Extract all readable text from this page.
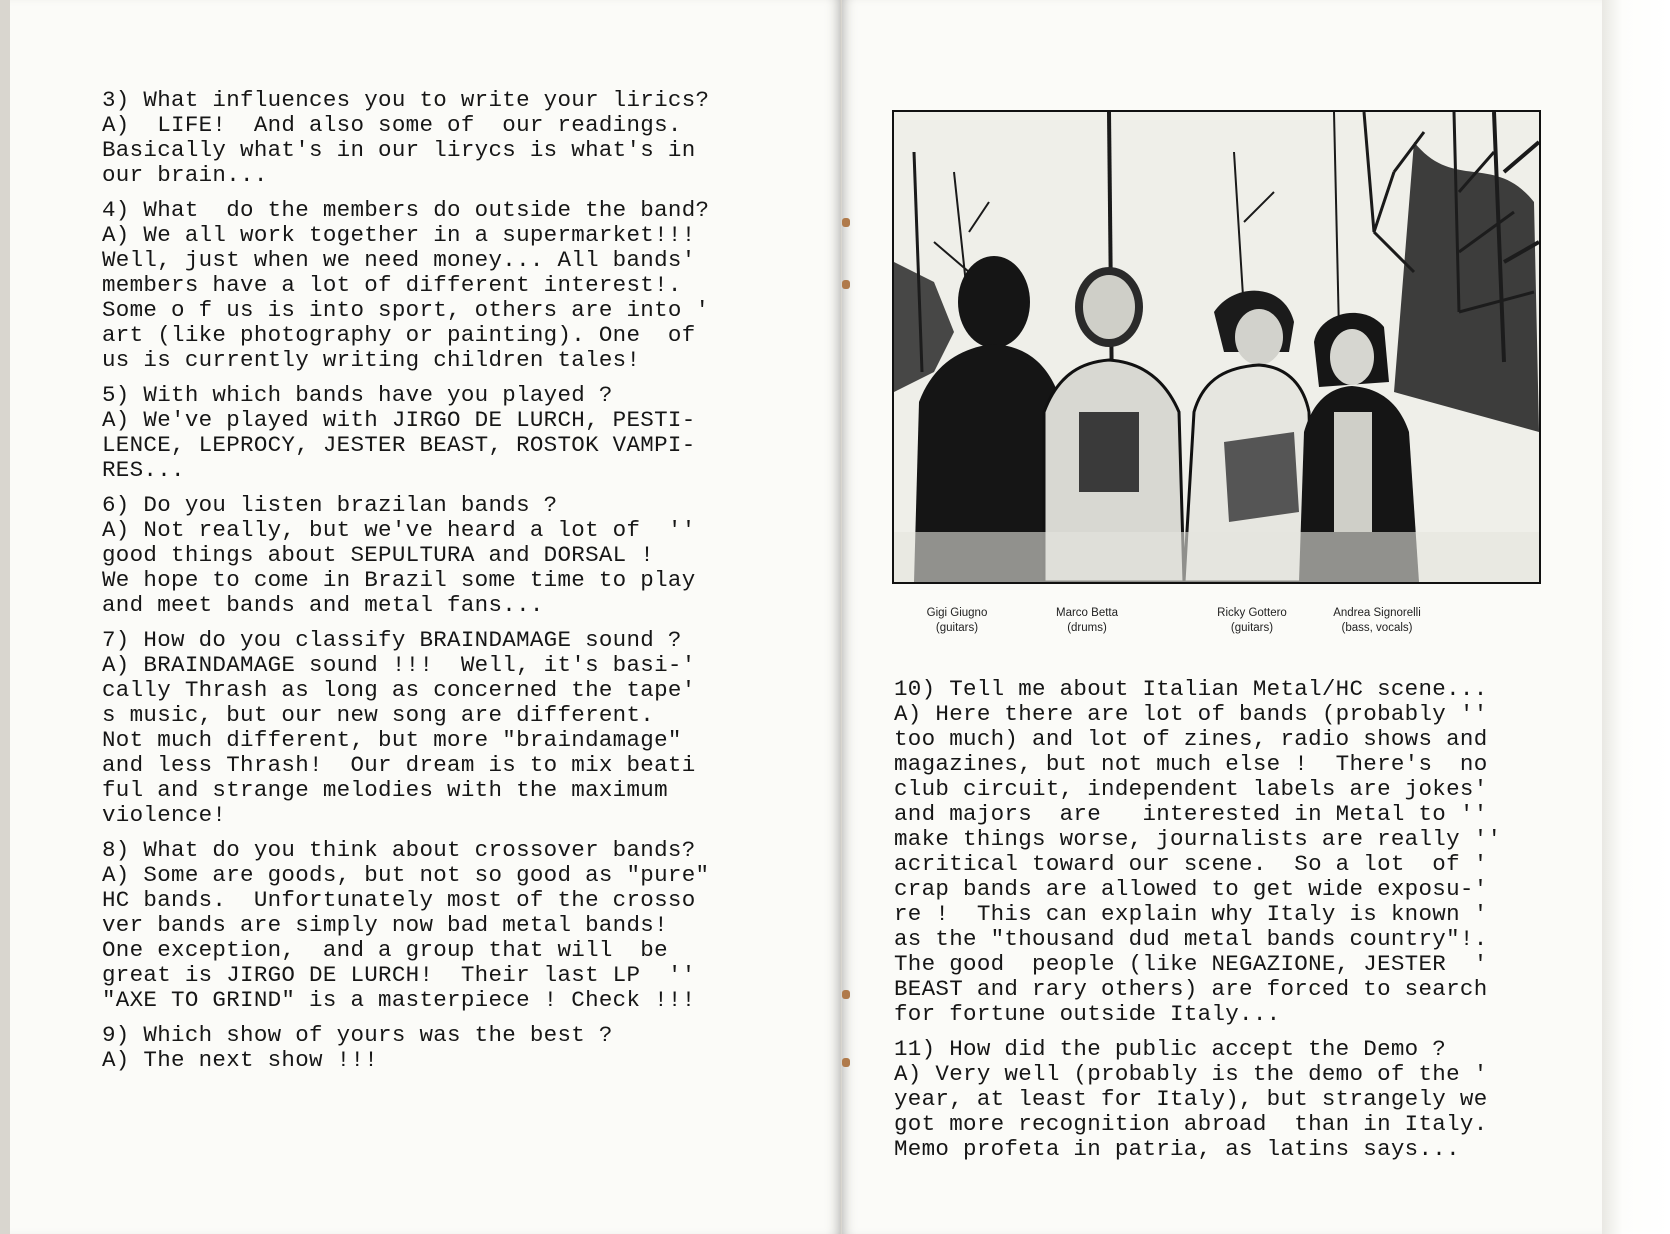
3) What influences you to write your lirics?
A)  LIFE!  And also some of  our readings.
Basically what's in our lirycs is what's in
our brain...
4) What  do the members do outside the band?
A) We all work together in a supermarket!!!
Well, just when we need money... All bands'
members have a lot of different interest!.
Some o f us is into sport, others are into '
art (like photography or painting). One  of
us is currently writing children tales!
5) With which bands have you played ?
A) We've played with JIRGO DE LURCH, PESTI-
LENCE, LEPROCY, JESTER BEAST, ROSTOK VAMPI-
RES...
6) Do you listen brazilan bands ?
A) Not really, but we've heard a lot of  ''
good things about SEPULTURA and DORSAL !
We hope to come in Brazil some time to play
and meet bands and metal fans...
7) How do you classify BRAINDAMAGE sound ?
A) BRAINDAMAGE sound !!!  Well, it's basi-'
cally Thrash as long as concerned the tape'
s music, but our new song are different.
Not much different, but more "braindamage"
and less Thrash!  Our dream is to mix beati
ful and strange melodies with the maximum
violence!
8) What do you think about crossover bands?
A) Some are goods, but not so good as "pure"
HC bands.  Unfortunately most of the crosso
ver bands are simply now bad metal bands!
One exception,  and a group that will  be
great is JIRGO DE LURCH!  Their last LP  ''
"AXE TO GRIND" is a masterpiece ! Check !!!
9) Which show of yours was the best ?
A) The next show !!!
Gigi Giugno
(guitars)
Marco Betta
(drums)
Ricky Gottero
(guitars)
Andrea Signorelli
(bass, vocals)
10) Tell me about Italian Metal/HC scene...
A) Here there are lot of bands (probably ''
too much) and lot of zines, radio shows and
magazines, but not much else !  There's  no
club circuit, independent labels are jokes'
and majors  are   interested in Metal to ''
make things worse, journalists are really ''
acritical toward our scene.  So a lot  of '
crap bands are allowed to get wide exposu-'
re !  This can explain why Italy is known '
as the "thousand dud metal bands country"!.
The good  people (like NEGAZIONE, JESTER  '
BEAST and rary others) are forced to search
for fortune outside Italy...
11) How did the public accept the Demo ?
A) Very well (probably is the demo of the '
year, at least for Italy), but strangely we
got more recognition abroad  than in Italy.
Memo profeta in patria, as latins says...
